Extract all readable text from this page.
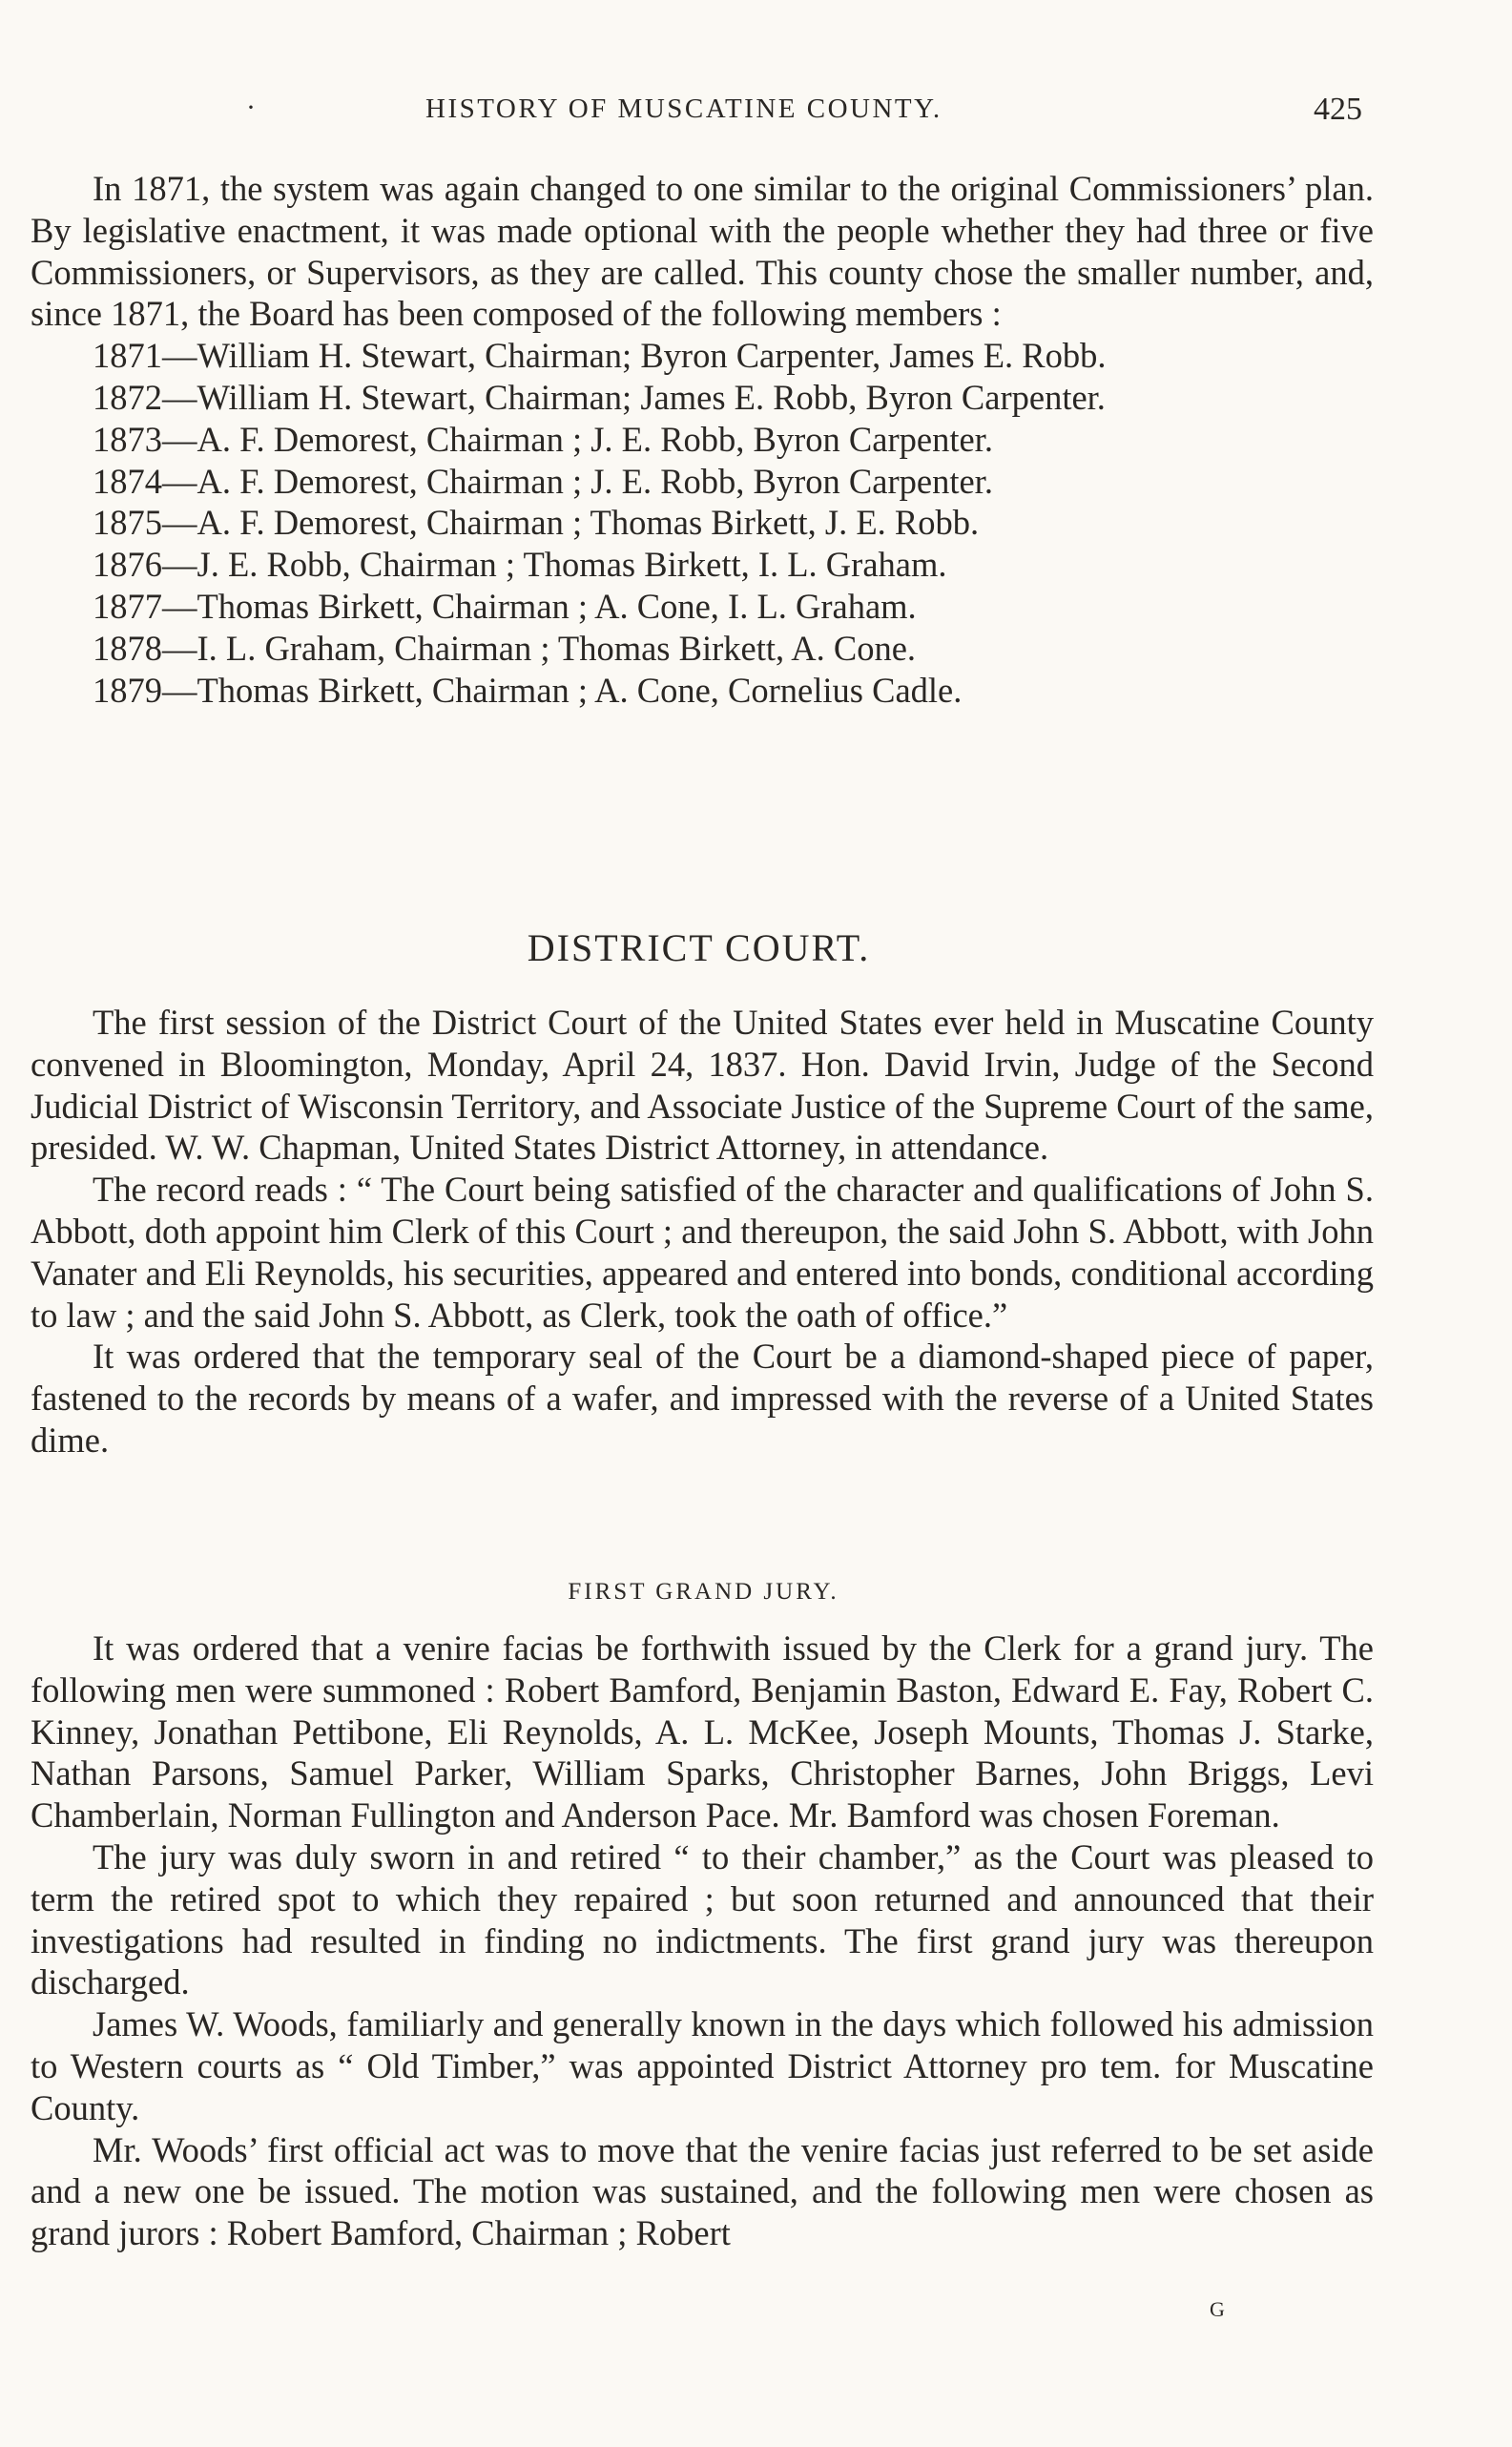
·	HISTORY OF MUSCATINE COUNTY.	425

In 1871, the system was again changed to one similar to the original Commissioners’ plan. By legislative enactment, it was made optional with the people whether they had three or five Commissioners, or Supervisors, as they are called. This county chose the smaller number, and, since 1871, the Board has been composed of the following members :

1871—William H. Stewart, Chairman; Byron Carpenter, James E. Robb.

1872—William H. Stewart, Chairman; James E. Robb, Byron Carpenter.

1873—A. F. Demorest, Chairman ; J. E. Robb, Byron Carpenter.

1874—A. F. Demorest, Chairman ; J. E. Robb, Byron Carpenter.

1875—A. F. Demorest, Chairman ; Thomas Birkett, J. E. Robb.

1876—J. E. Robb, Chairman ; Thomas Birkett, I. L. Graham.

1877—Thomas Birkett, Chairman ; A. Cone, I. L. Graham.

1878—I. L. Graham, Chairman ; Thomas Birkett, A. Cone.

1879—Thomas Birkett, Chairman ; A. Cone, Cornelius Cadle.

DISTRICT COURT.

The first session of the District Court of the United States ever held in Muscatine County convened in Bloomington, Monday, April 24, 1837. Hon. David Irvin, Judge of the Second Judicial District of Wisconsin Territory, and Associate Justice of the Supreme Court of the same, presided. W. W. Chapman, United States District Attorney, in attendance.

The record reads : “ The Court being satisfied of the character and qualifications of John S. Abbott, doth appoint him Clerk of this Court ; and thereupon, the said John S. Abbott, with John Vanater and Eli Reynolds, his securities, appeared and entered into bonds, conditional according to law ; and the said John S. Abbott, as Clerk, took the oath of office.”

It was ordered that the temporary seal of the Court be a diamond-shaped piece of paper, fastened to the records by means of a wafer, and impressed with the reverse of a United States dime.

FIRST GRAND JURY.

It was ordered that a venire facias be forthwith issued by the Clerk for a grand jury. The following men were summoned : Robert Bamford, Benjamin Baston, Edward E. Fay, Robert C. Kinney, Jonathan Pettibone, Eli Reynolds, A. L. McKee, Joseph Mounts, Thomas J. Starke, Nathan Parsons, Samuel Parker, William Sparks, Christopher Barnes, John Briggs, Levi Chamberlain, Norman Fullington and Anderson Pace. Mr. Bamford was chosen Foreman.

The jury was duly sworn in and retired “ to their chamber,” as the Court was pleased to term the retired spot to which they repaired ; but soon returned and announced that their investigations had resulted in finding no indictments. The first grand jury was thereupon discharged.

James W. Woods, familiarly and generally known in the days which followed his admission to Western courts as “ Old Timber,” was appointed District Attorney pro tem. for Muscatine County.

Mr. Woods’ first official act was to move that the venire facias just referred to be set aside and a new one be issued. The motion was sustained, and the following men were chosen as grand jurors : Robert Bamford, Chairman ; Robert

G
